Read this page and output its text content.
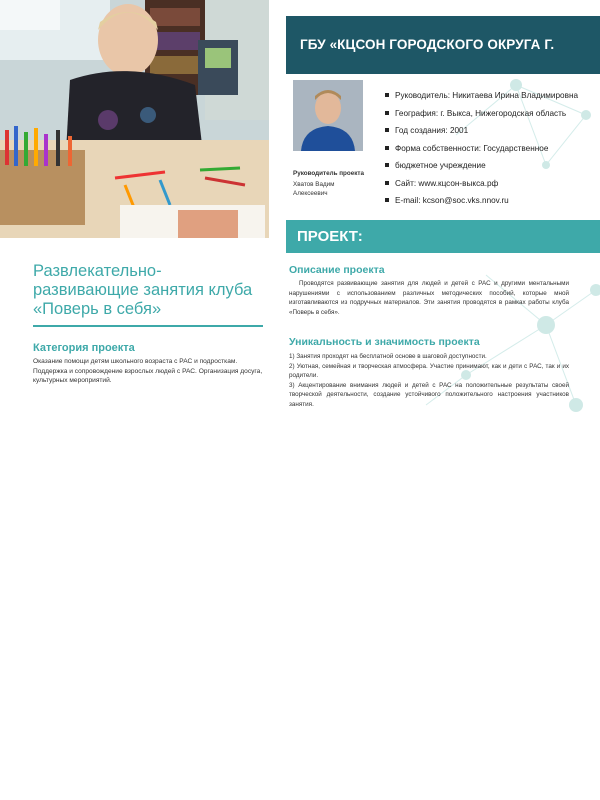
Развлекательно-развивающие занятия клуба «Поверь в себя»
Категория проекта
Оказание помощи детям школьного возраста с РАС и подросткам. Поддержка и сопровождение взрослых людей с РАС. Организация досуга, культурных мероприятий.
ГБУ «КЦСОН ГОРОДСКОГО ОКРУГА Г.
Руководитель проекта
Хватов Вадим Алексеевич
Руководитель: Никитаева Ирина Владимировна
География: г. Выкса, Нижегородская область
Год создания: 2001
Форма собственности: Государственное
бюджетное учреждение
Сайт: www.кцсон-выкса.рф
E-mail: kcson@soc.vks.nnov.ru
ПРОЕКТ:
Описание проекта
Проводятся развивающие занятия для людей и детей с РАС и другими ментальными нарушениями с использованием различных методических пособий, которые мной изготавливаются из подручных материалов. Эти занятия проводятся в рамках работы клуба «Поверь в себя».
Уникальность и значимость проекта
1) Занятия проходят на бесплатной основе в шаговой доступности.
2) Уютная, семейная и творческая атмосфера. Участие принимают, как и дети с РАС, так и их родители.
3) Акцентирование внимания людей и детей с РАС на положительные результаты своей творческой деятельности, создание устойчивого положительного настроения участников занятия.
